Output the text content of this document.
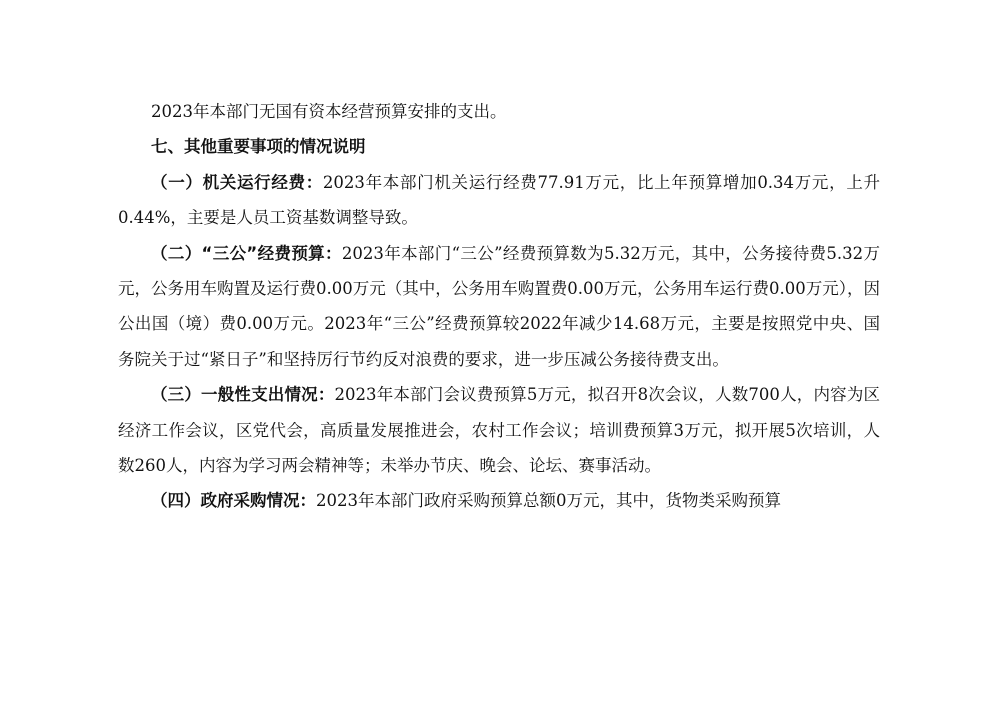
2023年本部门无国有资本经营预算安排的支出。

七、其他重要事项的情况说明

（一）机关运行经费：2023年本部门机关运行经费77.91万元，比上年预算增加0.34万元，上升0.44%，主要是人员工资基数调整导致。

（二）“三公”经费预算：2023年本部门“三公”经费预算数为5.32万元，其中，公务接待费5.32万元，公务用车购置及运行费0.00万元（其中，公务用车购置费0.00万元，公务用车运行费0.00万元），因公出国（境）费0.00万元。2023年“三公”经费预算较2022年减少14.68万元，主要是按照党中央、国务院关于过“紧日子”和坚持厉行节约反对浪费的要求，进一步压减公务接待费支出。

（三）一般性支出情况：2023年本部门会议费预算5万元，拟召开8次会议，人数700人，内容为区经济工作会议，区党代会，高质量发展推进会，农村工作会议；培训费预算3万元，拟开展5次培训，人数260人，内容为学习两会精神等；未举办节庆、晚会、论坛、赛事活动。

（四）政府采购情况：2023年本部门政府采购预算总额0万元，其中，货物类采购预算
